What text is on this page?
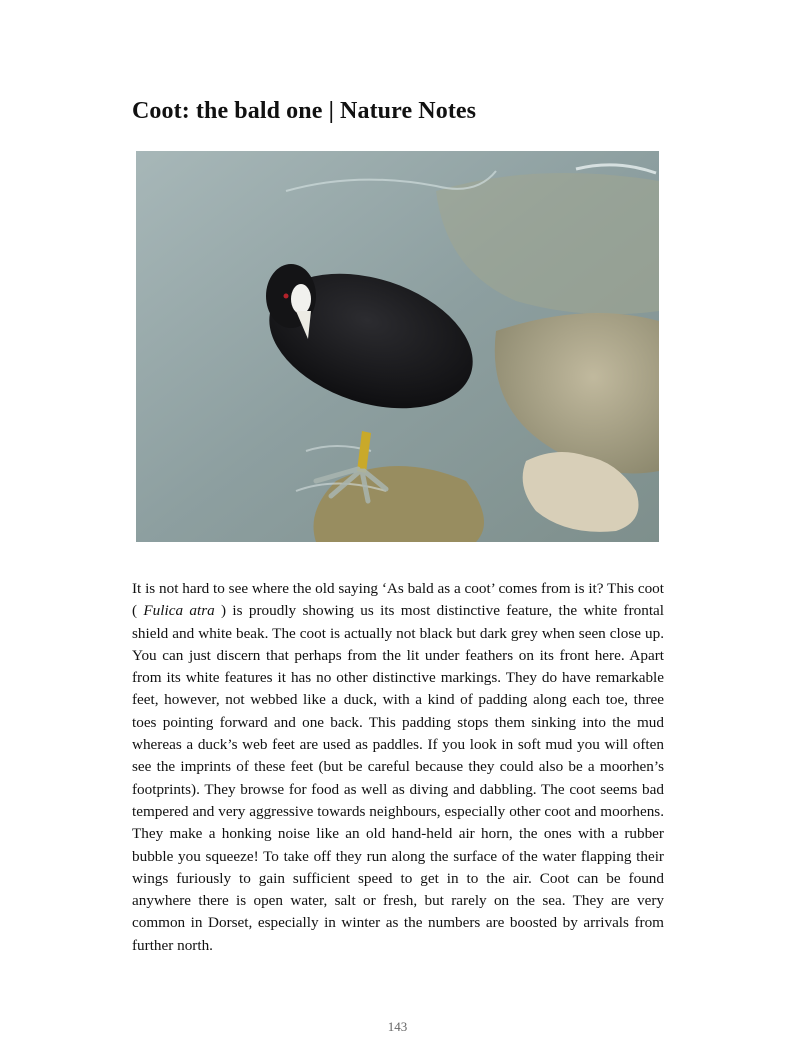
Coot: the bald one | Nature Notes

It is not hard to see where the old saying ‘As bald as a coot’ comes from is it? This coot ( Fulica atra ) is proudly showing us its most distinctive feature, the white frontal shield and white beak. The coot is actually not black but dark grey when seen close up. You can just discern that perhaps from the lit under feathers on its front here. Apart from its white features it has no other distinctive markings. They do have remarkable feet, however, not webbed like a duck, with a kind of padding along each toe, three toes pointing forward and one back. This padding stops them sinking into the mud whereas a duck’s web feet are used as paddles. If you look in soft mud you will often see the imprints of these feet (but be careful because they could also be a moorhen’s footprints). They browse for food as well as diving and dabbling. The coot seems bad tempered and very aggressive towards neighbours, especially other coot and moorhens. They make a honking noise like an old hand-held air horn, the ones with a rubber bubble you squeeze! To take off they run along the surface of the water flapping their wings furiously to gain sufficient speed to get in to the air. Coot can be found anywhere there is open water, salt or fresh, but rarely on the sea. They are very common in Dorset, especially in winter as the numbers are boosted by arrivals from further north.

143
